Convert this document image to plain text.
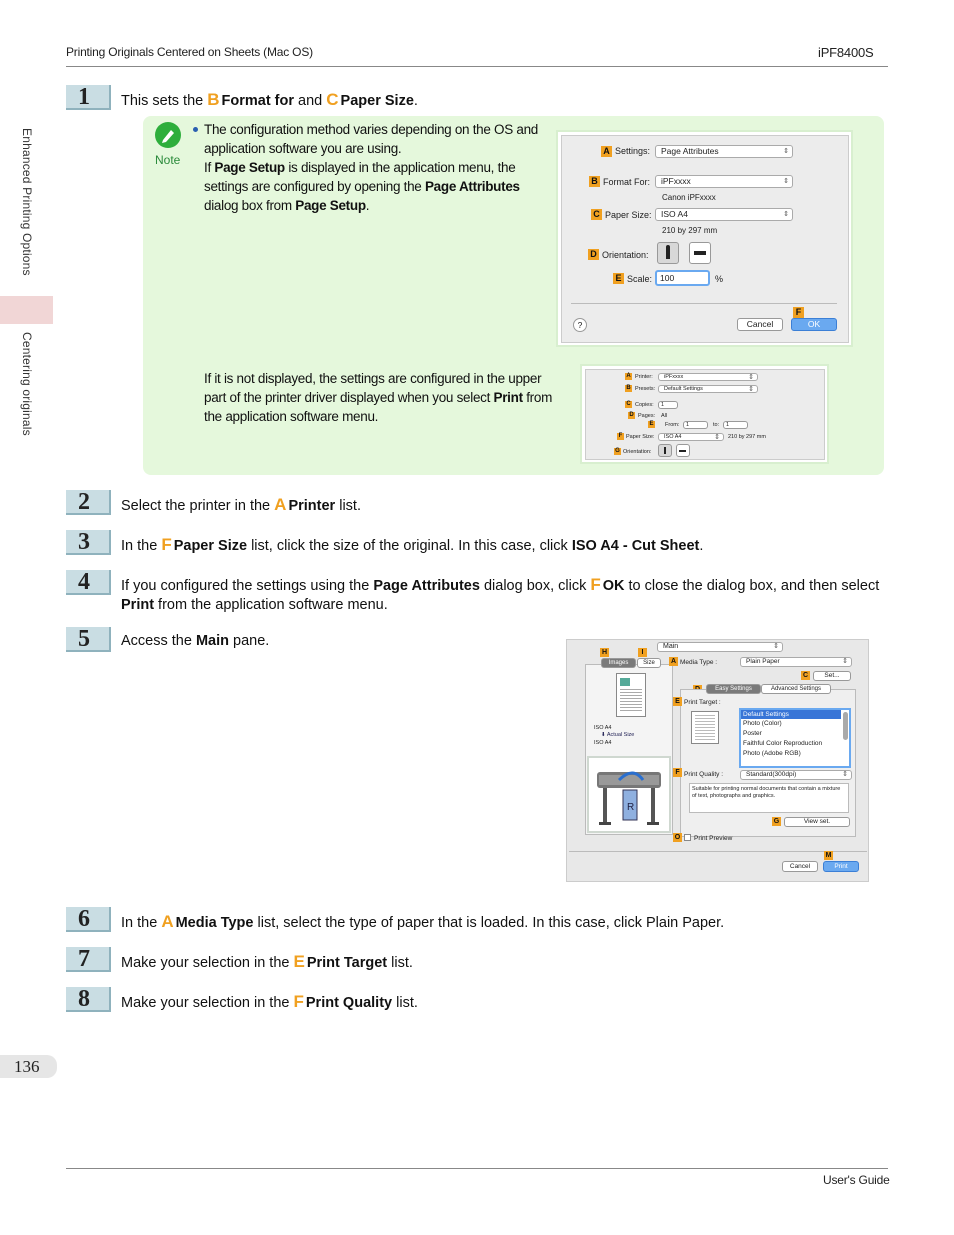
Printing Originals Centered on Sheets (Mac OS)	iPF8400S
Enhanced Printing Options
Centering originals
1	This sets the B Format for and C Paper Size.
Note
The configuration method varies depending on the OS and application software you are using.
If Page Setup is displayed in the application menu, the settings are configured by opening the Page Attributes dialog box from Page Setup.
If it is not displayed, the settings are configured in the upper part of the printer driver displayed when you select Print from the application software menu.
A Settings:	Page Attributes ⇕
B Format For:	iPFxxxx ⇕
Canon iPFxxxx
C Paper Size:	ISO A4 ⇕
210 by 297 mm
D Orientation:
E Scale: 100	%
?	Cancel
F
OK
A Printer:	iPFxxxx ⇕
B Presets:	Default Settings ⇕
C Copies:	1
D Pages: All
E From:	1	to:	1
F Paper Size:	ISO A4 ⇕	210 by 297 mm
G Orientation:
2	Select the printer in the A Printer list.
3	In the F Paper Size list, click the size of the original. In this case, click ISO A4 - Cut Sheet.
4	If you configured the settings using the Page Attributes dialog box, click F OK to close the dialog box, and then select Print from the application software menu.
5	Access the Main pane.	Main ⇕
H	I
Images	Size
ISO A4
⬇ Actual Size
ISO A4
R
A Media Type :	Plain Paper ⇕
C	Set...
Easy Settings	Advanced Settings
E Print Target :
Default Settings
Photo (Color)
Poster
Faithful Color Reproduction
Photo (Adobe RGB)
F Print Quality :	Standard(300dpi) ⇕
Suitable for printing normal documents that contain a mixture of text, photographs and graphics.
G	View set.
O Print Preview
Cancel
M
Print
6	In the A Media Type list, select the type of paper that is loaded. In this case, click Plain Paper.
7	Make your selection in the E Print Target list.
8	Make your selection in the F Print Quality list.
136
User's Guide
